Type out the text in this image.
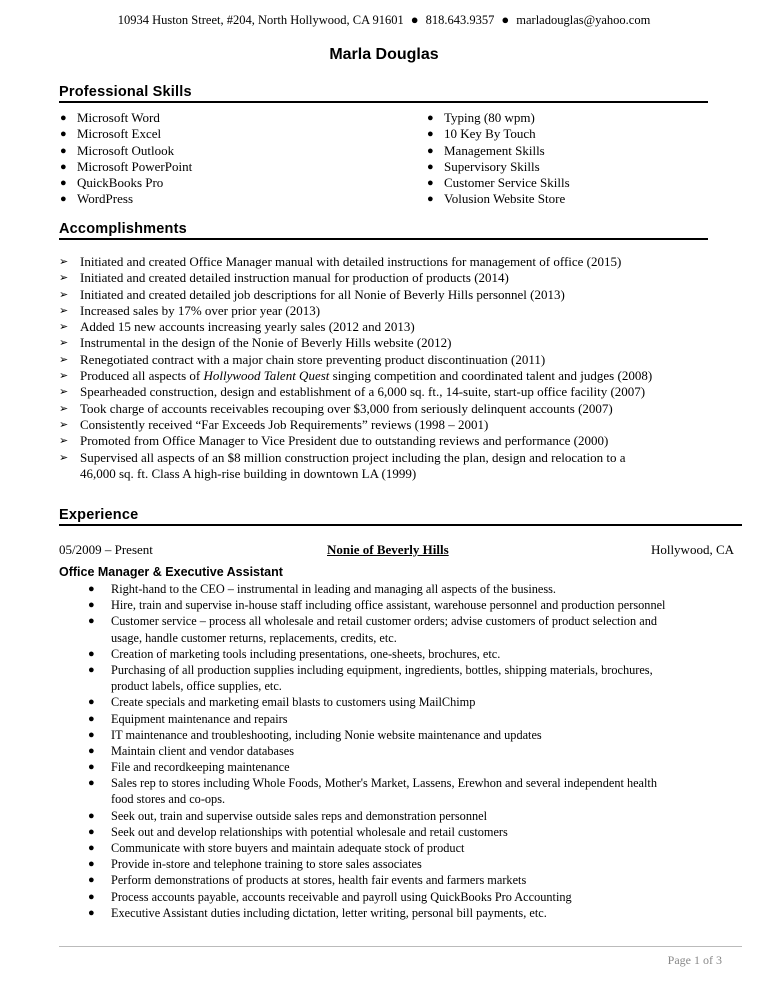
10934 Huston Street, #204, North Hollywood, CA 91601 ● 818.643.9357 ● marladouglas@yahoo.com
Marla Douglas
Professional Skills
● Microsoft Word
● Microsoft Excel
● Microsoft Outlook
● Microsoft PowerPoint
● QuickBooks Pro
● WordPress
● Typing (80 wpm)
● 10 Key By Touch
● Management Skills
● Supervisory Skills
● Customer Service Skills
● Volusion Website Store
Accomplishments
➢ Initiated and created Office Manager manual with detailed instructions for management of office (2015)
➢ Initiated and created detailed instruction manual for production of products (2014)
➢ Initiated and created detailed job descriptions for all Nonie of Beverly Hills personnel (2013)
➢ Increased sales by 17% over prior year (2013)
➢ Added 15 new accounts increasing yearly sales (2012 and 2013)
➢ Instrumental in the design of the Nonie of Beverly Hills website (2012)
➢ Renegotiated contract with a major chain store preventing product discontinuation (2011)
➢ Produced all aspects of Hollywood Talent Quest singing competition and coordinated talent and judges (2008)
➢ Spearheaded construction, design and establishment of a 6,000 sq. ft., 14-suite, start-up office facility (2007)
➢ Took charge of accounts receivables recouping over $3,000 from seriously delinquent accounts (2007)
➢ Consistently received “Far Exceeds Job Requirements” reviews (1998 – 2001)
➢ Promoted from Office Manager to Vice President due to outstanding reviews and performance (2000)
➢ Supervised all aspects of an $8 million construction project including the plan, design and relocation to a
46,000 sq. ft. Class A high-rise building in downtown LA (1999)
Experience
05/2009 – Present	Nonie of Beverly Hills	Hollywood, CA
Office Manager & Executive Assistant
● Right-hand to the CEO – instrumental in leading and managing all aspects of the business.
● Hire, train and supervise in-house staff including office assistant, warehouse personnel and production personnel
● Customer service – process all wholesale and retail customer orders; advise customers of product selection and
usage, handle customer returns, replacements, credits, etc.
● Creation of marketing tools including presentations, one-sheets, brochures, etc.
● Purchasing of all production supplies including equipment, ingredients, bottles, shipping materials, brochures,
product labels, office supplies, etc.
● Create specials and marketing email blasts to customers using MailChimp
● Equipment maintenance and repairs
● IT maintenance and troubleshooting, including Nonie website maintenance and updates
● Maintain client and vendor databases
● File and recordkeeping maintenance
● Sales rep to stores including Whole Foods, Mother's Market, Lassens, Erewhon and several independent health
food stores and co-ops.
● Seek out, train and supervise outside sales reps and demonstration personnel
● Seek out and develop relationships with potential wholesale and retail customers
● Communicate with store buyers and maintain adequate stock of product
● Provide in-store and telephone training to store sales associates
● Perform demonstrations of products at stores, health fair events and farmers markets
● Process accounts payable, accounts receivable and payroll using QuickBooks Pro Accounting
● Executive Assistant duties including dictation, letter writing, personal bill payments, etc.
Page 1 of 3
